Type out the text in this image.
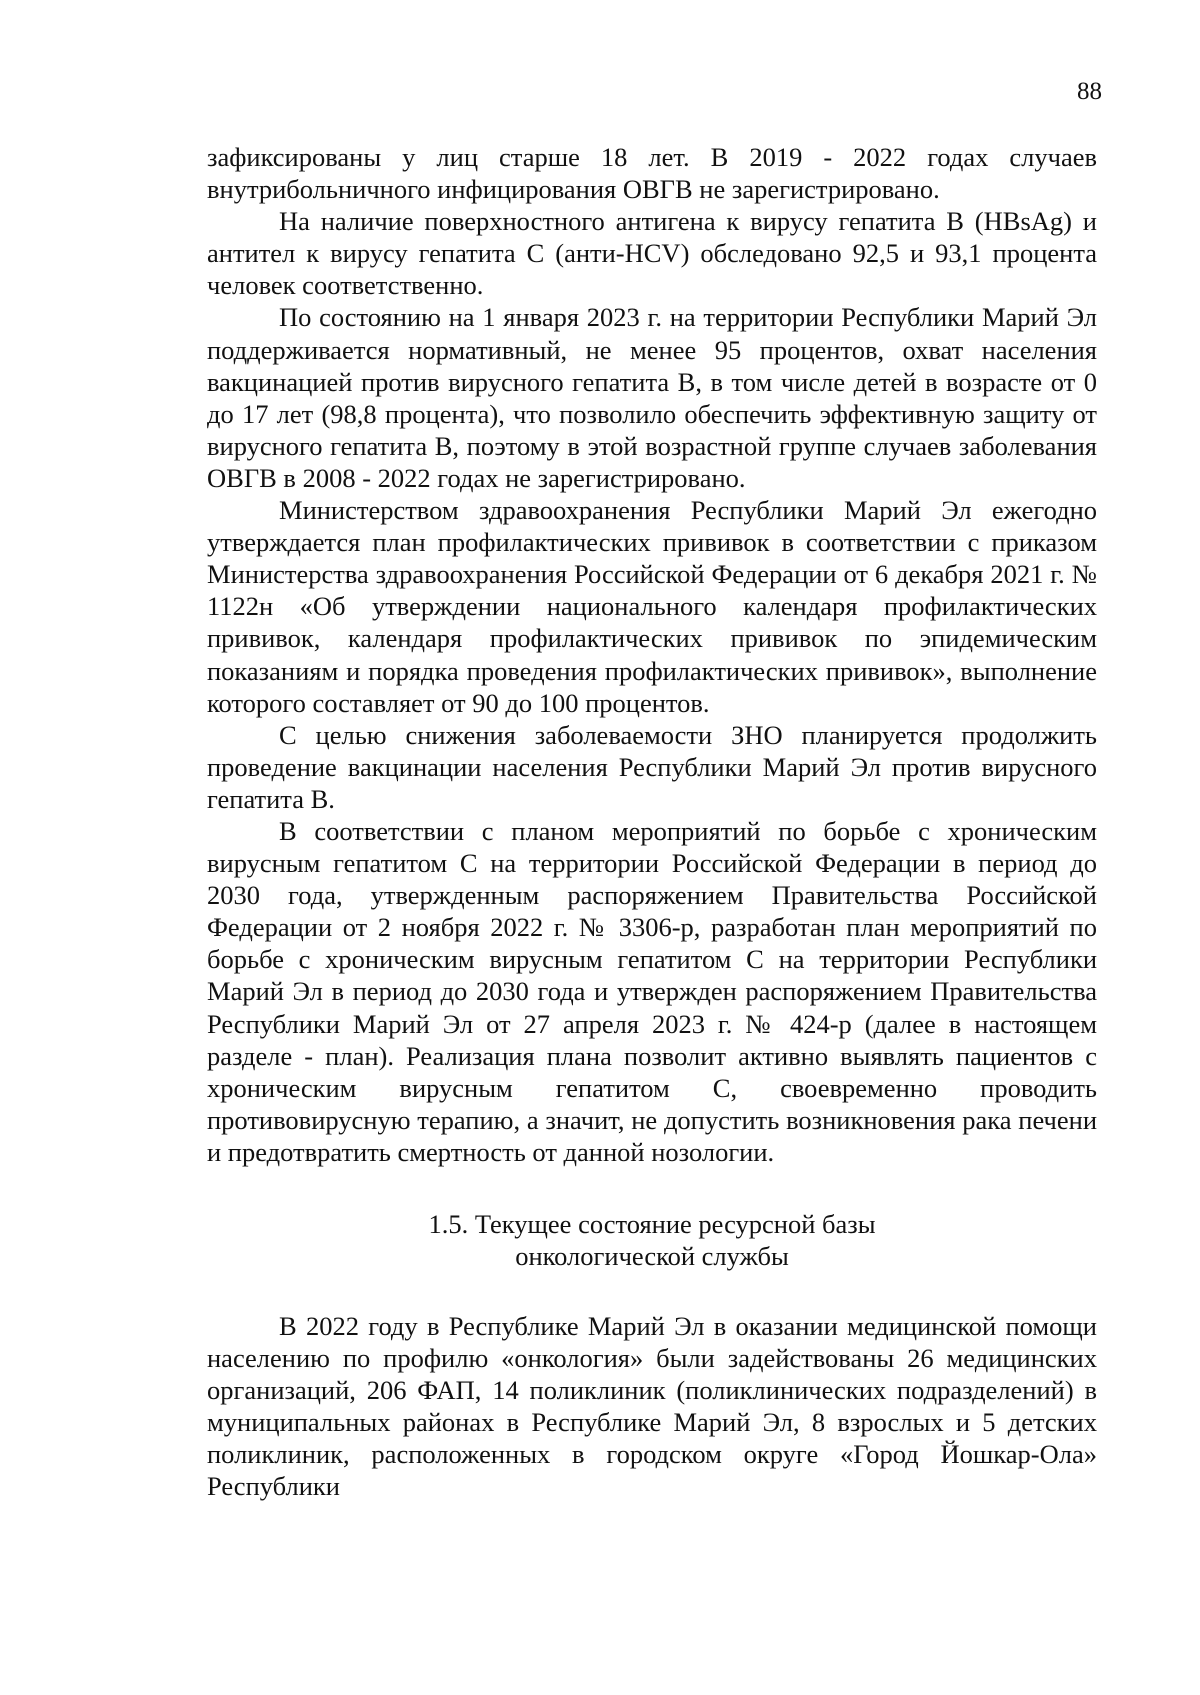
88

зафиксированы у лиц старше 18 лет. В 2019 - 2022 годах случаев внутрибольничного инфицирования ОВГВ не зарегистрировано.

На наличие поверхностного антигена к вирусу гепатита В (HBsAg) и антител к вирусу гепатита С (анти-HCV) обследовано 92,5 и 93,1 процента человек соответственно.

По состоянию на 1 января 2023 г. на территории Республики Марий Эл поддерживается нормативный, не менее 95 процентов, охват населения вакцинацией против вирусного гепатита В, в том числе детей в возрасте от 0 до 17 лет (98,8 процента), что позволило обеспечить эффективную защиту от вирусного гепатита В, поэтому в этой возрастной группе случаев заболевания ОВГВ в 2008 - 2022 годах не зарегистрировано.

Министерством здравоохранения Республики Марий Эл ежегодно утверждается план профилактических прививок в соответствии с приказом Министерства здравоохранения Российской Федерации от 6 декабря 2021 г. № 1122н «Об утверждении национального календаря профилактических прививок, календаря профилактических прививок по эпидемическим показаниям и порядка проведения профилактических прививок», выполнение которого составляет от 90 до 100 процентов.

С целью снижения заболеваемости ЗНО планируется продолжить проведение вакцинации населения Республики Марий Эл против вирусного гепатита В.

В соответствии с планом мероприятий по борьбе с хроническим вирусным гепатитом С на территории Российской Федерации в период до 2030 года, утвержденным распоряжением Правительства Российской Федерации от 2 ноября 2022 г. № 3306-р, разработан план мероприятий по борьбе с хроническим вирусным гепатитом С на территории Республики Марий Эл в период до 2030 года и утвержден распоряжением Правительства Республики Марий Эл от 27 апреля 2023 г. № 424-р (далее в настоящем разделе - план). Реализация плана позволит активно выявлять пациентов с хроническим вирусным гепатитом С, своевременно проводить противовирусную терапию, а значит, не допустить возникновения рака печени и предотвратить смертность от данной нозологии.

1.5. Текущее состояние ресурсной базы
онкологической службы

В 2022 году в Республике Марий Эл в оказании медицинской помощи населению по профилю «онкология» были задействованы 26 медицинских организаций, 206 ФАП, 14 поликлиник (поликлинических подразделений) в муниципальных районах в Республике Марий Эл, 8 взрослых и 5 детских поликлиник, расположенных в городском округе «Город Йошкар-Ола» Республики
